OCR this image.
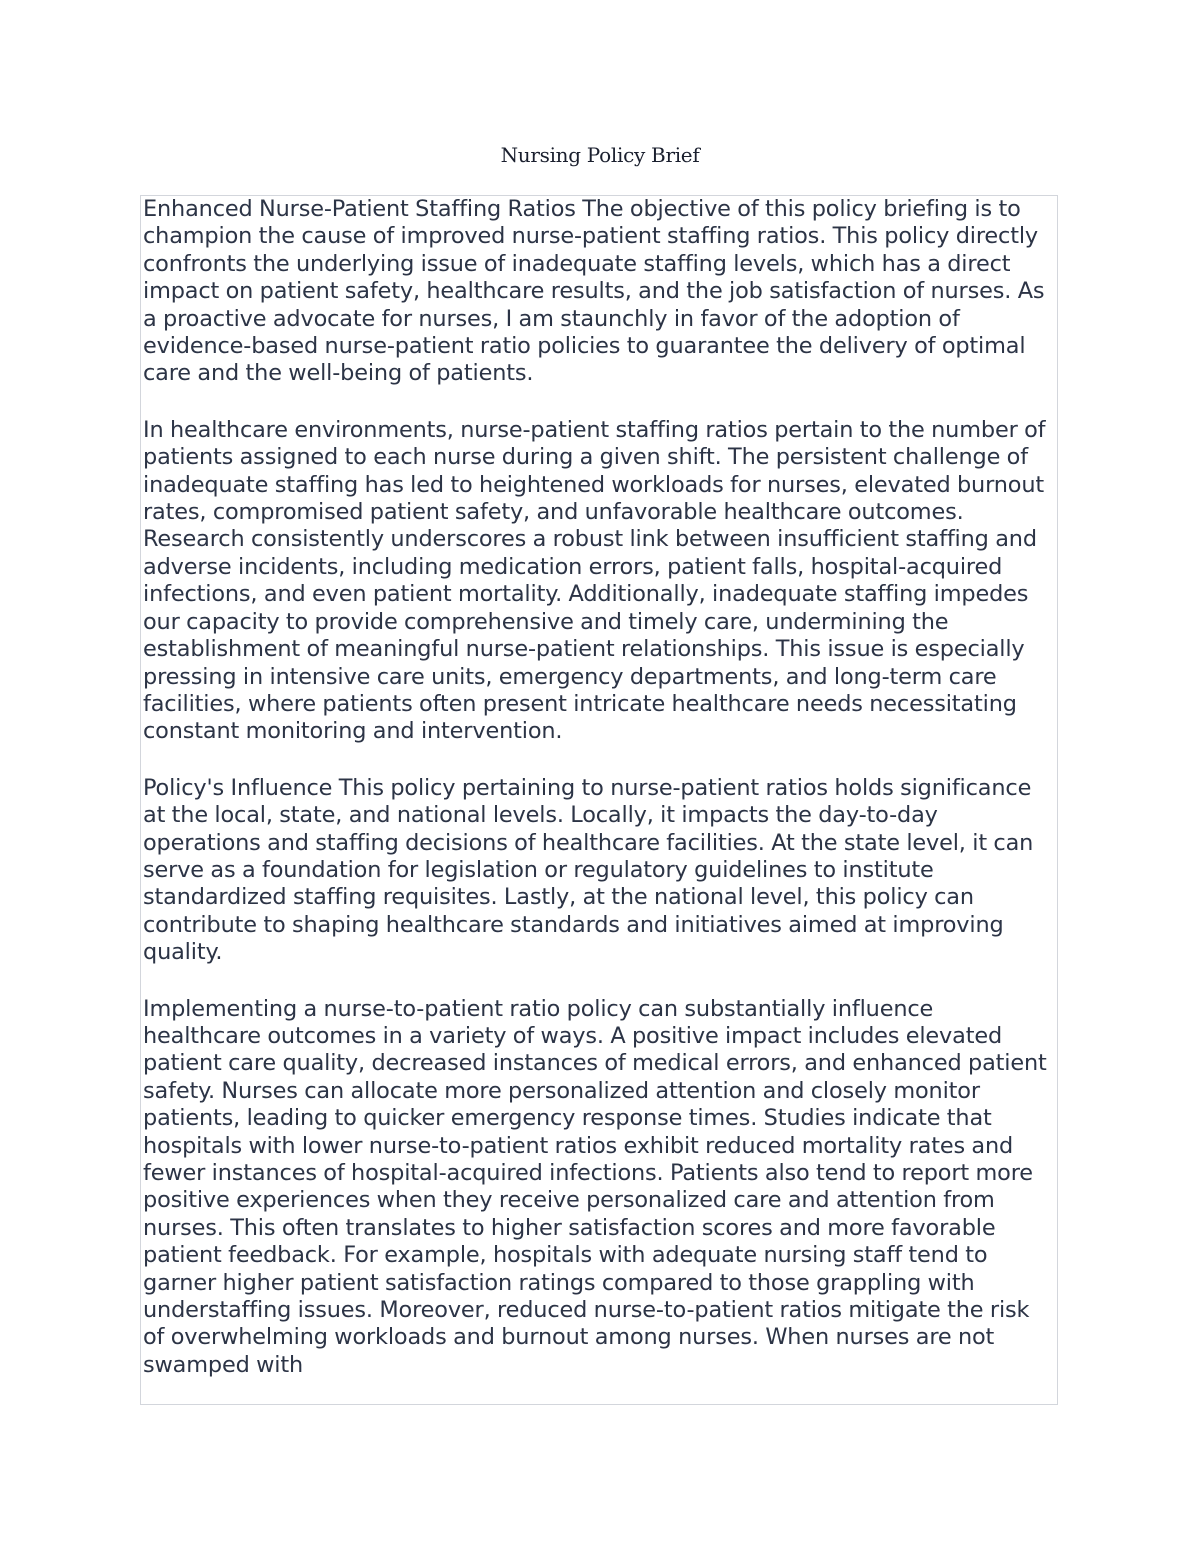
Nursing Policy Brief

Enhanced Nurse-Patient Staffing Ratios The objective of this policy briefing is to champion the cause of improved nurse-patient staffing ratios. This policy directly confronts the underlying issue of inadequate staffing levels, which has a direct impact on patient safety, healthcare results, and the job satisfaction of nurses. As a proactive advocate for nurses, I am staunchly in favor of the adoption of evidence-based nurse-patient ratio policies to guarantee the delivery of optimal care and the well-being of patients.

In healthcare environments, nurse-patient staffing ratios pertain to the number of patients assigned to each nurse during a given shift. The persistent challenge of inadequate staffing has led to heightened workloads for nurses, elevated burnout rates, compromised patient safety, and unfavorable healthcare outcomes. Research consistently underscores a robust link between insufficient staffing and adverse incidents, including medication errors, patient falls, hospital-acquired infections, and even patient mortality. Additionally, inadequate staffing impedes our capacity to provide comprehensive and timely care, undermining the establishment of meaningful nurse-patient relationships. This issue is especially pressing in intensive care units, emergency departments, and long-term care facilities, where patients often present intricate healthcare needs necessitating constant monitoring and intervention.

Policy's Influence This policy pertaining to nurse-patient ratios holds significance at the local, state, and national levels. Locally, it impacts the day-to-day operations and staffing decisions of healthcare facilities. At the state level, it can serve as a foundation for legislation or regulatory guidelines to institute standardized staffing requisites. Lastly, at the national level, this policy can contribute to shaping healthcare standards and initiatives aimed at improving quality.

Implementing a nurse-to-patient ratio policy can substantially influence healthcare outcomes in a variety of ways. A positive impact includes elevated patient care quality, decreased instances of medical errors, and enhanced patient safety. Nurses can allocate more personalized attention and closely monitor patients, leading to quicker emergency response times. Studies indicate that hospitals with lower nurse-to-patient ratios exhibit reduced mortality rates and fewer instances of hospital-acquired infections. Patients also tend to report more positive experiences when they receive personalized care and attention from nurses. This often translates to higher satisfaction scores and more favorable patient feedback. For example, hospitals with adequate nursing staff tend to garner higher patient satisfaction ratings compared to those grappling with understaffing issues. Moreover, reduced nurse-to-patient ratios mitigate the risk of overwhelming workloads and burnout among nurses. When nurses are not swamped with
